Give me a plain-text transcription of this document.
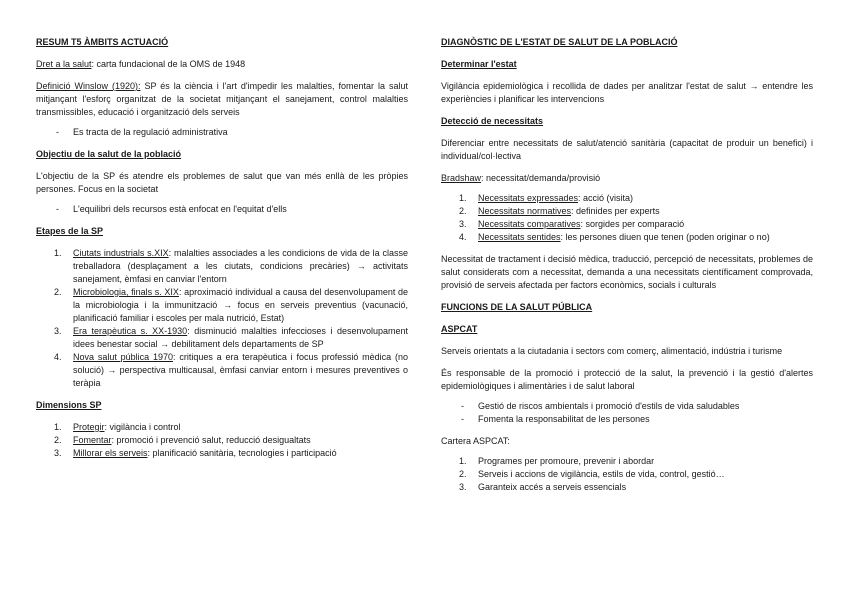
RESUM T5 ÀMBITS ACTUACIÓ

Dret a la salut: carta fundacional de la OMS de 1948

Definició Winslow (1920): SP és la ciència i l'art d'impedir les malalties, fomentar la salut mitjançant l'esforç organitzat de la societat mitjançant el sanejament, control malalties transmissibles, educació i organització dels serveis

- Es tracta de la regulació administrativa
Objectiu de la salut de la població

L'objectiu de la SP és atendre els problemes de salut que van més enllà de les pròpies persones. Focus en la societat

- L'equilibri dels recursos està enfocat en l'equitat d'ells
Etapes de la SP
1. Ciutats industrials s.XIX: malalties associades a les condicions de vida de la classe treballadora (desplaçament a les ciutats, condicions precàries) → activitats sanejament, èmfasi en canviar l'entorn
2. Microbiologia, finals s. XIX: aproximació individual a causa del desenvolupament de la microbiologia i la immunització → focus en serveis preventius (vacunació, planificació familiar i escoles per mala nutrició, Estat)
3. Era terapèutica s. XX-1930: disminució malalties infeccioses i desenvolupament idees benestar social → debilitament dels departaments de SP
4. Nova salut pública 1970: critiques a era terapèutica i focus professió mèdica (no solució) → perspectiva multicausal, èmfasi canviar entorn i mesures preventives o teràpia
Dimensions SP
1. Protegir: vigilància i control
2. Fomentar: promoció i prevenció salut, reducció desigualtats
3. Millorar els serveis: planificació sanitària, tecnologies i participació
DIAGNÒSTIC DE L'ESTAT DE SALUT DE LA POBLACIÓ
Determinar l'estat

Vigilància epidemiològica i recollida de dades per analitzar l'estat de salut → entendre les experiències i planificar les intervencions

Detecció de necessitats

Diferenciar entre necessitats de salut/atenció sanitària (capacitat de produir un benefici) i individual/col·lectiva

Bradshaw: necessitat/demanda/provisió

1. Necessitats expressades: acció (visita)
2. Necessitats normatives: definides per experts
3. Necessitats comparatives: sorgides per comparació
4. Necessitats sentides: les persones diuen que tenen (poden originar o no)

Necessitat de tractament i decisió mèdica, traducció, percepció de necessitats, problemes de salut considerats com a necessitat, demanda a una necessitats científicament comprovada, provisió de serveis afectada per factors econòmics, socials i culturals

FUNCIONS DE LA SALUT PÚBLICA
ASPCAT

Serveis orientats a la ciutadania i sectors com comerç, alimentació, indústria i turisme

És responsable de la promoció i protecció de la salut, la prevenció i la gestió d'alertes epidemiològiques i alimentàries i de salut laboral

- Gestió de riscos ambientals i promoció d'estils de vida saludables
- Fomenta la responsabilitat de les persones

Cartera ASPCAT:

1. Programes per promoure, prevenir i abordar
2. Serveis i accions de vigilància, estils de vida, control, gestió…
3. Garanteix accés a serveis essencials
